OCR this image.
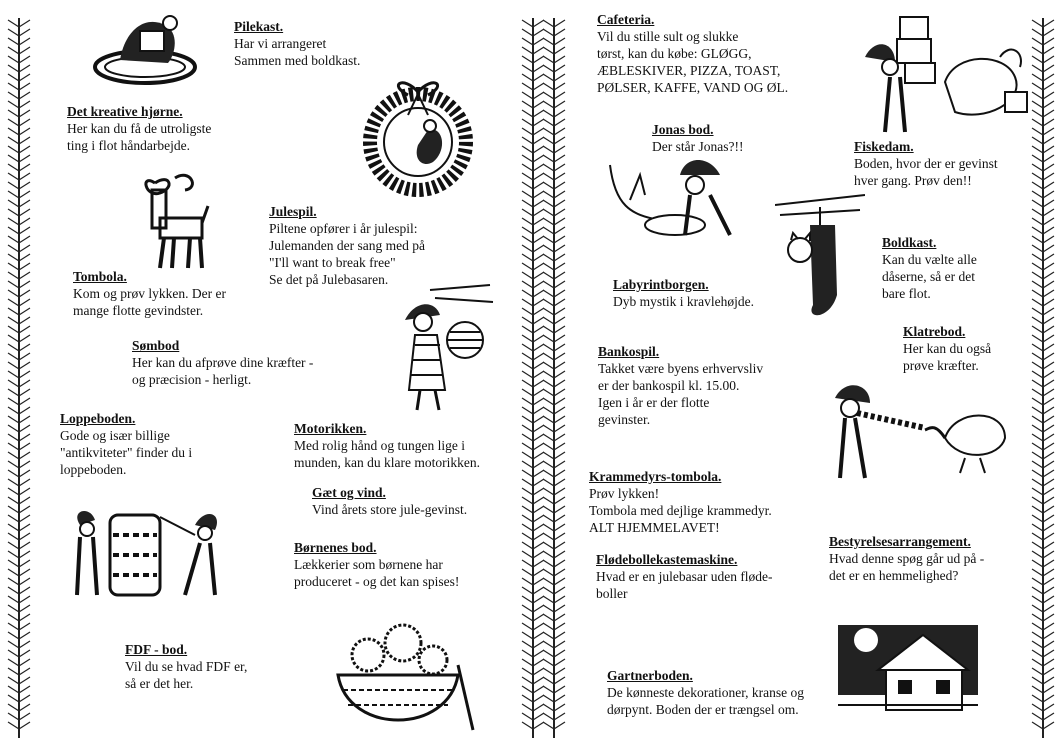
Pilekast.
Har vi arrangeret
Sammen med boldkast.
Det kreative hjørne.
Her kan du få de utroligste
ting i flot håndarbejde.
Julespil.
Piltene opfører i år julespil:
Julemanden der sang med på
"I'll want to break free"
Se det på Julebasaren.
Tombola.
Kom og prøv lykken. Der er
mange flotte gevindster.
Sømbod
Her kan du afprøve dine kræfter -
og præcision - herligt.
Loppeboden.
Gode og især billige
"antikviteter" finder du i
loppeboden.
Motorikken.
Med rolig hånd og tungen lige i
munden, kan du klare motorikken.
Gæt og vind.
Vind årets store jule-gevinst.
Børnenes bod.
Lækkerier som børnene har
produceret - og det kan spises!
FDF - bod.
Vil du se hvad FDF er,
så er det her.
Cafeteria.
Vil du stille sult og slukke
tørst, kan du købe: GLØGG,
ÆBLESKIVER, PIZZA, TOAST,
PØLSER, KAFFE, VAND OG ØL.
Jonas bod.
Der står Jonas?!!	Fiskedam.
Boden, hvor der er gevinst
hver gang. Prøv den!!
Boldkast.
Kan du vælte alle
dåserne, så er det
bare flot.
Labyrintborgen.
Dyb mystik i kravlehøjde.
Klatrebod.
Her kan du også
prøve kræfter.
Bankospil.
Takket være byens erhvervsliv
er der bankospil kl. 15.00.
Igen i år er der flotte
gevinster.
Krammedyrs-tombola.
Prøv lykken!
Tombola med dejlige krammedyr.
ALT HJEMMELAVET!
Bestyrelsesarrangement.
Hvad denne spøg går ud på -
det er en hemmelighed?
Flødebollekastemaskine.
Hvad er en julebasar uden fløde-
boller
Gartnerboden.
De kønneste dekorationer, kranse og
dørpynt. Boden der er trængsel om.
